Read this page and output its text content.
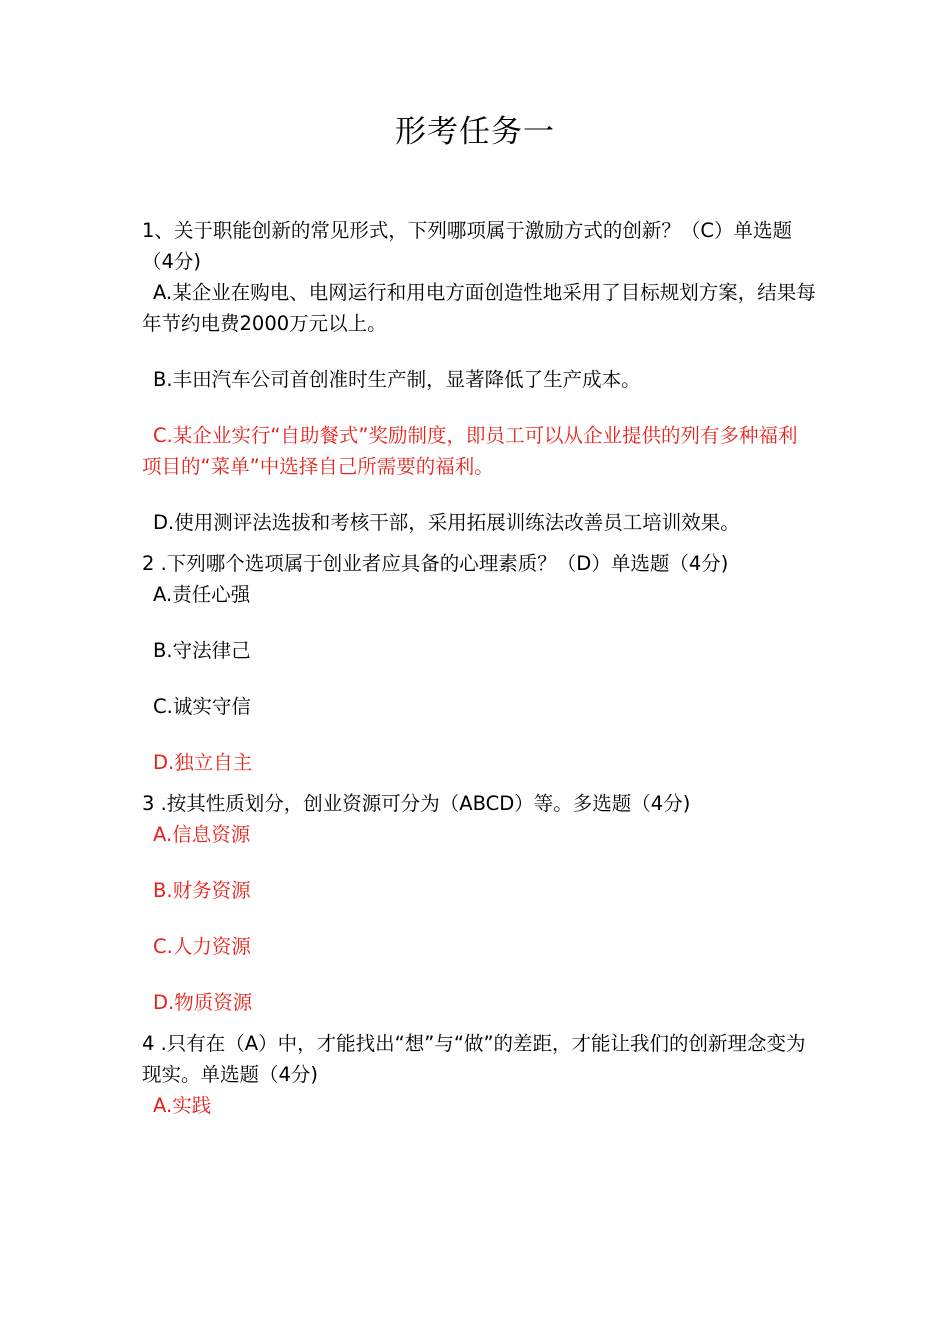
形考任务一

1、关于职能创新的常见形式，下列哪项属于激励方式的创新？（C）单选题（4分)

A.某企业在购电、电网运行和用电方面创造性地采用了目标规划方案，结果每年节约电费2000万元以上。

B.丰田汽车公司首创准时生产制，显著降低了生产成本。

C.某企业实行“自助餐式”奖励制度，即员工可以从企业提供的列有多种福利项目的“菜单”中选择自己所需要的福利。

D.使用测评法选拔和考核干部，采用拓展训练法改善员工培训效果。

2 .下列哪个选项属于创业者应具备的心理素质？（D）单选题（4分)

A.责任心强

B.守法律己

C.诚实守信

D.独立自主

3 .按其性质划分，创业资源可分为（ABCD）等。多选题（4分)

A.信息资源

B.财务资源

C.人力资源

D.物质资源

4 .只有在（A）中，才能找出“想”与“做”的差距，才能让我们的创新理念变为现实。单选题（4分)

A.实践
